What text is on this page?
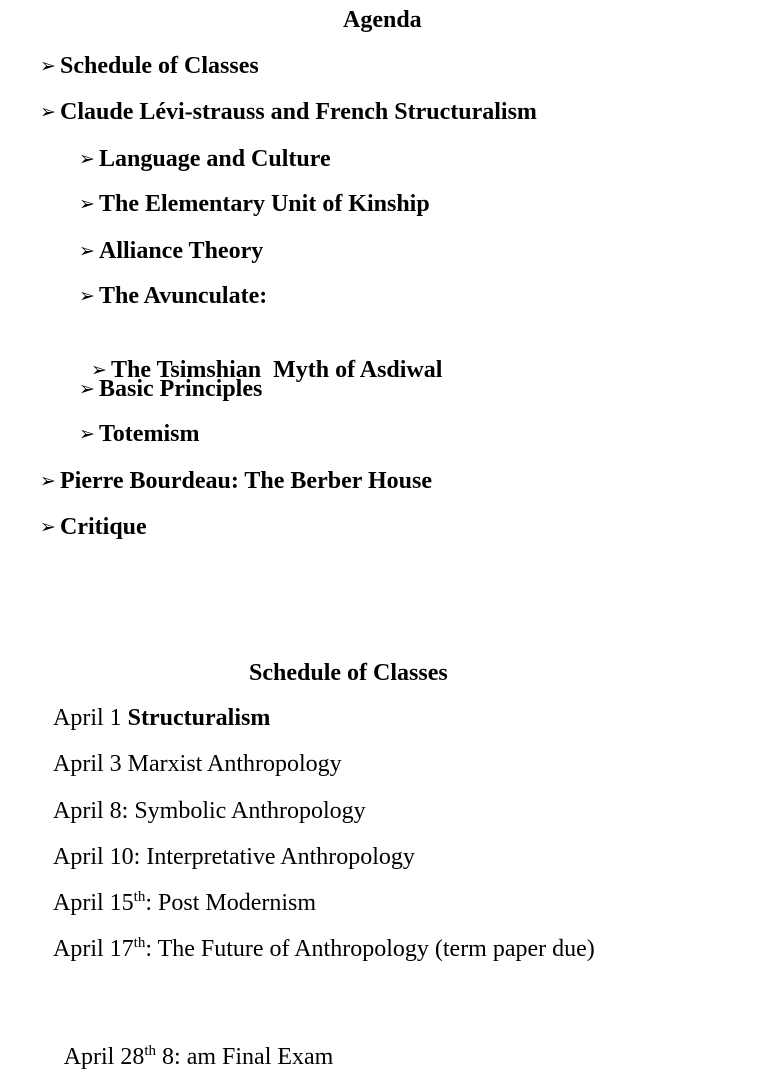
Agenda
➢ Schedule of Classes
➢ Claude Lévi-strauss and French Structuralism
➢ Language and Culture
➢ The Elementary Unit of Kinship
➢ Alliance Theory
➢ The Avunculate:

➢ The Tsimshian  Myth of Asdiwal

➢ Basic Principles
➢ Totemism
➢ Pierre Bourdeau: The Berber House
➢ Critique
Schedule of Classes
April 1 Structuralism
April 3 Marxist Anthropology
April 8: Symbolic Anthropology
April 10: Interpretative Anthropology
April 15th: Post Modernism
April 17th: The Future of Anthropology (term paper due)

April 28th 8: am Final Exam
